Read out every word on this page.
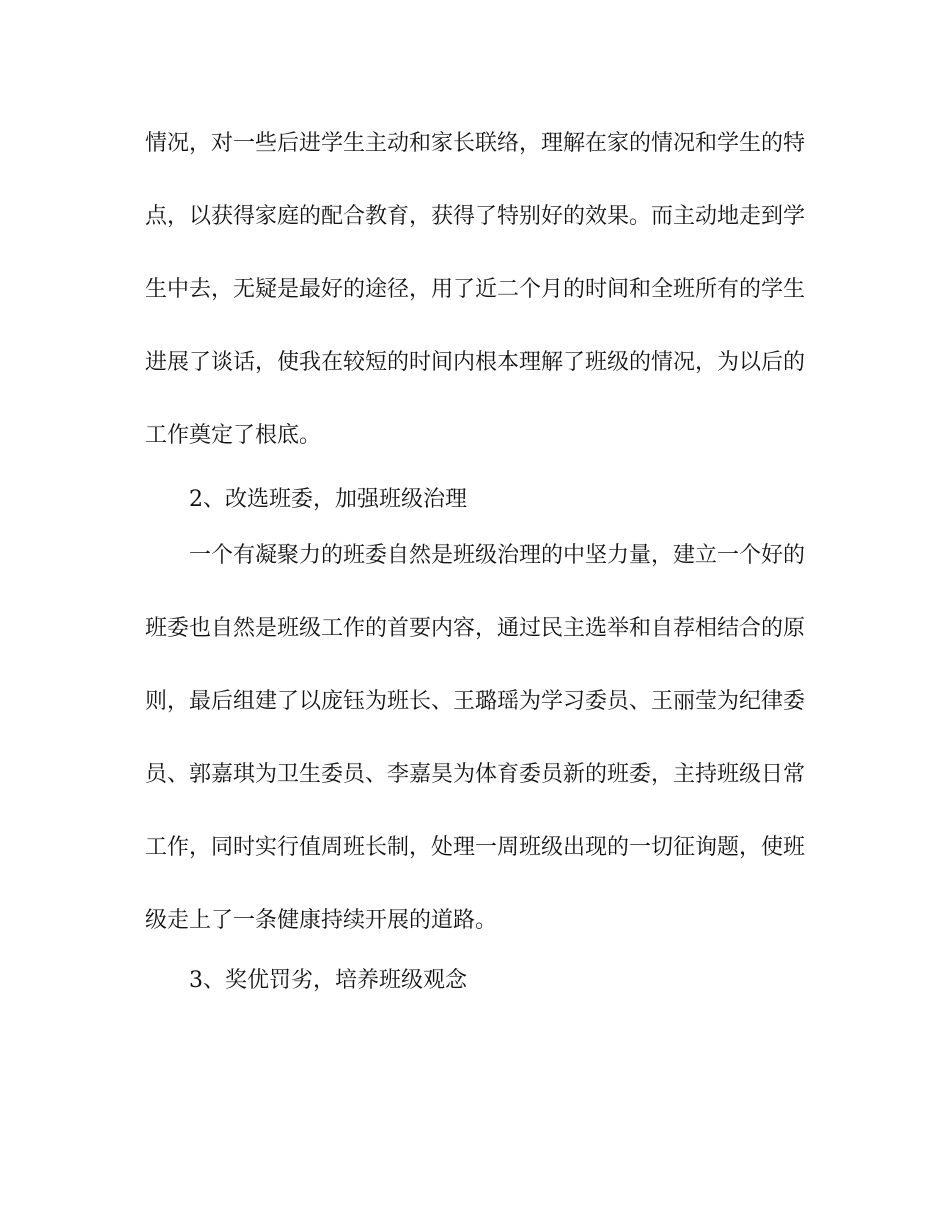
情况，对一些后进学生主动和家长联络，理解在家的情况和学生的特
点，以获得家庭的配合教育，获得了特别好的效果。而主动地走到学
生中去，无疑是最好的途径，用了近二个月的时间和全班所有的学生
进展了谈话，使我在较短的时间内根本理解了班级的情况，为以后的
工作奠定了根底。
2、改选班委，加强班级治理
一个有凝聚力的班委自然是班级治理的中坚力量，建立一个好的
班委也自然是班级工作的首要内容，通过民主选举和自荐相结合的原
则，最后组建了以庞钰为班长、王璐瑶为学习委员、王丽莹为纪律委
员、郭嘉琪为卫生委员、李嘉昊为体育委员新的班委，主持班级日常
工作，同时实行值周班长制，处理一周班级出现的一切征询题，使班
级走上了一条健康持续开展的道路。
3、奖优罚劣，培养班级观念
